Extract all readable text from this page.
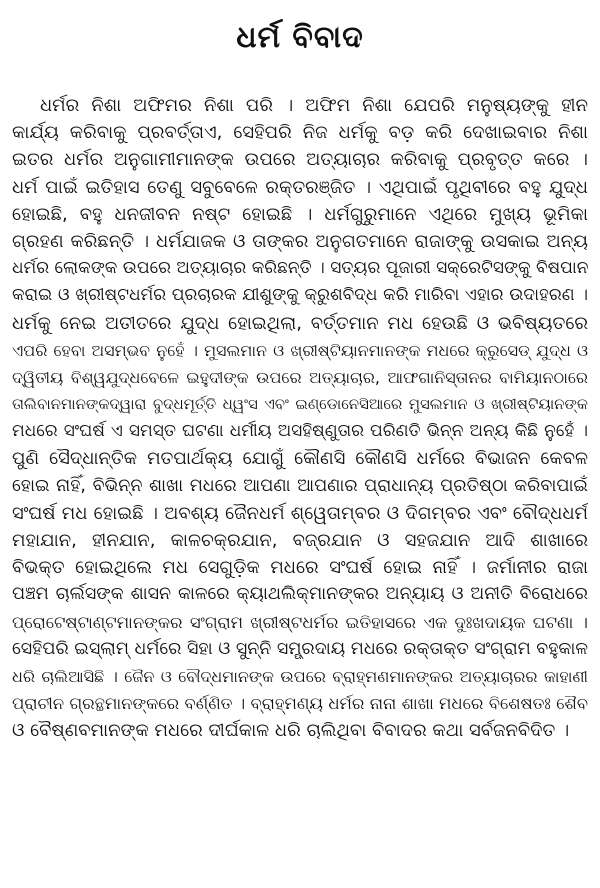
ଧର୍ମ ବିବାଦ
ଧର୍ମର ନିଶା ଅଫିମର ନିଶା ପରି । ଅଫିମ ନିଶା ଯେପରି ମନୁଷ୍ୟଙ୍କୁ ହୀନ
କାର୍ଯ୍ୟ କରିବାକୁ ପ୍ରବର୍ତ୍ତାଏ, ସେହିପରି ନିଜ ଧର୍ମକୁ ବଡ଼ କରି ଦେଖାଇବାର ନିଶା
ଇତର ଧର୍ମର ଅନୁଗାମୀମାନଙ୍କ ଉପରେ ଅତ୍ୟାଚାର କରିବାକୁ ପ୍ରବୃତ୍ତ କରେ ।
ଧର୍ମ ପାଇଁ ଇତିହାସ ତେଣୁ ସବୁବେଳେ ରକ୍ତରଞ୍ଜିତ । ଏଥିପାଇଁ ପୃଥିବୀରେ ବହୁ ଯୁଦ୍ଧ
ହୋଇଛି, ବହୁ ଧନଜୀବନ ନଷ୍ଟ ହୋଇଛି । ଧର୍ମଗୁରୁମାନେ ଏଥିରେ ମୁଖ୍ୟ ଭୂମିକା
ଗ୍ରହଣ କରିଛନ୍ତି । ଧର୍ମଯାଜକ ଓ ତାଙ୍କର ଅନୁଗତମାନେ ରାଜାଙ୍କୁ ଉସକାଇ ଅନ୍ୟ
ଧର୍ମର ଲୋକଙ୍କ ଉପରେ ଅତ୍ୟାଚାର କରିଛନ୍ତି । ସତ୍ୟର ପୂଜାରୀ ସକ୍ରେଟିସଙ୍କୁ ବିଷପାନ
କରାଇ ଓ ଖ୍ରୀଷ୍ଟଧର୍ମର ପ୍ରଚାରକ ଯୀଶୁଙ୍କୁ କ୍ରୁଶବିଦ୍ଧ କରି ମାରିବା ଏହାର ଉଦାହରଣ ।
ଧର୍ମକୁ ନେଇ ଅତୀତରେ ଯୁଦ୍ଧ ହୋଇଥିଲା, ବର୍ତ୍ତମାନ ମଧ ହେଉଛି ଓ ଭବିଷ୍ୟତରେ
ଏପରି ହେବା ଅସମ୍ଭବ ନୁହେଁ । ମୁସଲମାନ ଓ ଖ୍ରୀଷ୍ଟିୟାନମାନଙ୍କ ମଧରେ କ୍ରୁସେଡ୍ ଯୁଦ୍ଧ ଓ
ଦ୍ୱିତୀୟ ବିଶ୍ୱଯୁଦ୍ଧବେଳେ ଇହୁଦୀଙ୍କ ଉପରେ ଅତ୍ୟାଚାର, ଆଫଗାନିସ୍ତାନର ବାମିୟାନଠାରେ
ତାଲିବାନମାନଙ୍କଦ୍ୱାରା ବୁଦ୍ଧମୂର୍ତ୍ତି ଧ୍ୱଂସ ଏବଂ ଇଣ୍ଡୋନେସିଆରେ ମୁସଲମାନ ଓ ଖ୍ରୀଷ୍ଟିୟାନଙ୍କ
ମଧରେ ସଂଘର୍ଷ ଏ ସମସ୍ତ ଘଟଣା ଧର୍ମୀୟ ଅସହିଷ୍ଣୁତାର ପରିଣତି ଭିନ୍ନ ଅନ୍ୟ କିଛି ନୁହେଁ ।
ପୁଣି ସୈଦ୍ଧାନ୍ତିକ ମତପାର୍ଥକ୍ୟ ଯୋଗୁଁ କୌଣସି କୌଣସି ଧର୍ମରେ ବିଭାଜନ କେବଳ
ହୋଇ ନାହିଁ, ବିଭିନ୍ନ ଶାଖା ମଧରେ ଆପଣା ଆପଣାର ପ୍ରାଧାନ୍ୟ ପ୍ରତିଷ୍ଠା କରିବାପାଇଁ
ସଂଘର୍ଷ ମଧ ହୋଇଛି । ଅବଶ୍ୟ ଜୈନଧର୍ମ ଶ୍ୱେତାମ୍ବର ଓ ଦିଗମ୍ବର ଏବଂ ବୌଦ୍ଧଧର୍ମ
ମହାଯାନ, ହୀନଯାନ, କାଳଚକ୍ରଯାନ, ବଜ୍ରଯାନ ଓ ସହଜଯାନ ଆଦି ଶାଖାରେ
ବିଭକ୍ତ ହୋଇଥିଲେ ମଧ ସେଗୁଡ଼ିକ ମଧରେ ସଂଘର୍ଷ ହୋଇ ନାହିଁ । ଜର୍ମାନୀର ରାଜା
ପଞ୍ଚମ ଚାର୍ଲସଙ୍କ ଶାସନ କାଳରେ କ୍ୟାଥଲିକ୍‌ମାନଙ୍କର ଅନ୍ୟାୟ ଓ ଅନୀତି ବିରୋଧରେ
ପ୍ରୋଟେଷ୍ଟାଣ୍ଟମାନଙ୍କର ସଂଗ୍ରାମ ଖ୍ରୀଷ୍ଟଧର୍ମର ଇତିହାସରେ ଏକ ଦୁଃଖଦାୟକ ଘଟଣା ।
ସେହିପରି ଇସ୍‌ଲାମ୍ ଧର୍ମରେ ସିହା ଓ ସୁନ୍ନି ସମ୍ପ୍ରଦାୟ ମଧରେ ରକ୍ତାକ୍ତ ସଂଗ୍ରାମ ବହୁକାଳ
ଧରି ଚାଲିଆସିଛି । ଜୈନ ଓ ବୌଦ୍ଧମାନଙ୍କ ଉପରେ ବ୍ରାହ୍ମଣମାନଙ୍କର ଅତ୍ୟାଚାରର କାହାଣୀ
ପ୍ରାଚୀନ ଗ୍ରନ୍ଥମାନଙ୍କରେ ବର୍ଣ୍ଣିତ । ବ୍ରାହ୍ମଣ୍ୟ ଧର୍ମର ନାନା ଶାଖା ମଧରେ ବିଶେଷତଃ ଶୈବ
ଓ ବୈଷ୍ଣବମାନଙ୍କ ମଧରେ ଦୀର୍ଘକାଳ ଧରି ଚାଲିଥିବା ବିବାଦର କଥା ସର୍ବଜନବିଦିତ ।
